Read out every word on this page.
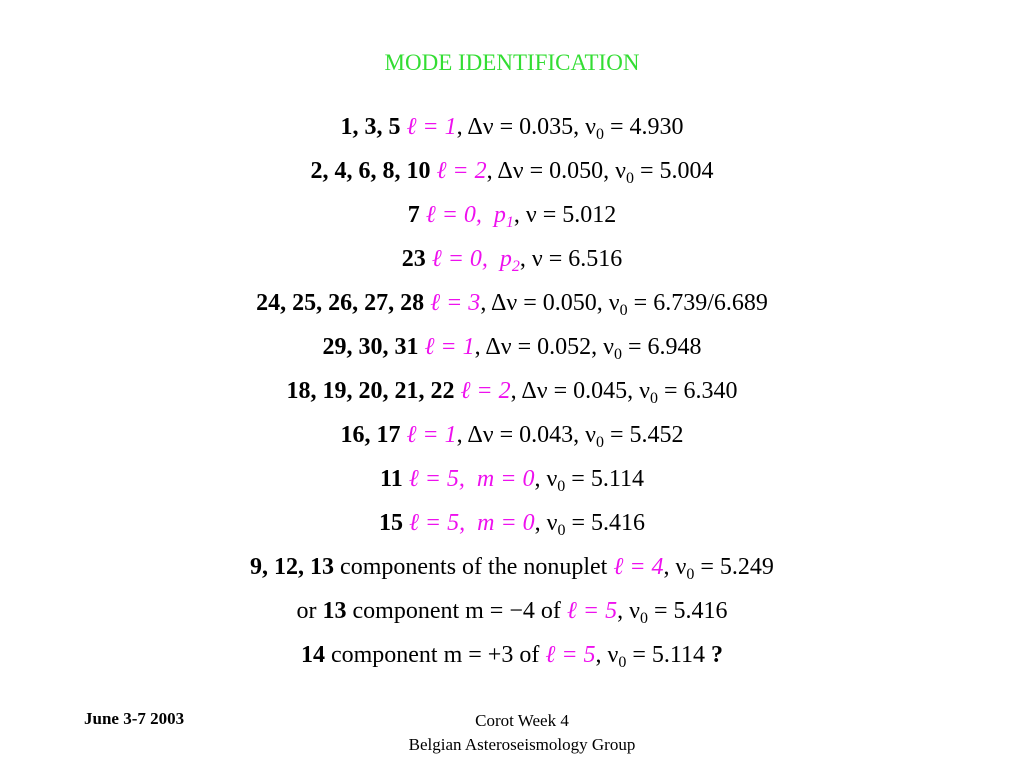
MODE IDENTIFICATION
1, 3, 5 ℓ = 1, Δν = 0.035, $\nu_0 = 4.930$
2, 4, 6, 8, 10 ℓ = 2, Δν = 0.050, $\nu_0 = 5.004$
7 ℓ = 0,  $p_1$, ν = 5.012
23 ℓ = 0,  $p_2$, ν = 6.516
24, 25, 26, 27, 28 ℓ = 3, Δν = 0.050, $\nu_0 = 6.739/6.689$
29, 30, 31 ℓ = 1, Δν = 0.052, $\nu_0 = 6.948$
18, 19, 20, 21, 22 ℓ = 2, Δν = 0.045, $\nu_0 = 6.340$
16, 17 ℓ = 1, Δν = 0.043, $\nu_0 = 5.452$
11 ℓ = 5,  m = 0, $\nu_0 = 5.114$
15 ℓ = 5,  m = 0, $\nu_0 = 5.416$
9, 12, 13 components of the nonuplet ℓ = 4, $\nu_0 = 5.249$
or 13 component m = −4 of ℓ = 5, $\nu_0 = 5.416$
14 component m = +3 of ℓ = 5, $\nu_0 = 5.114$ ?
June 3-7 2003	Corot Week 4
Belgian Asteroseismology Group
